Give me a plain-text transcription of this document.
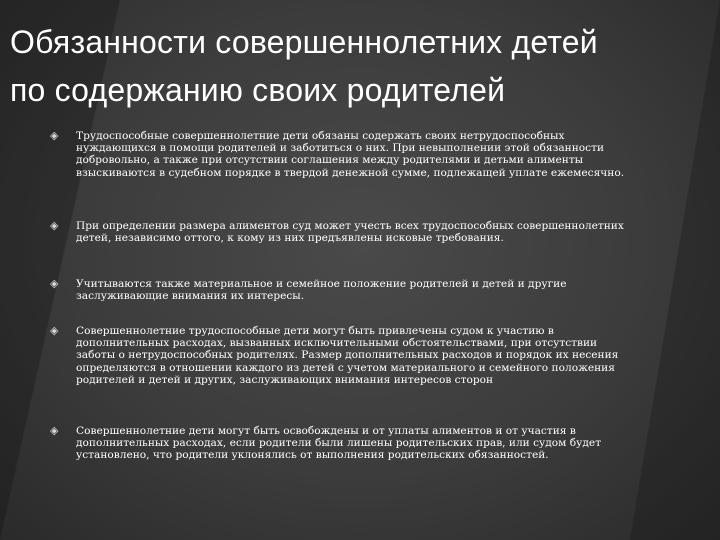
Обязанности совершеннолетних детей
по содержанию своих родителей
◈ Трудоспособные совершеннолетние дети обязаны содержать своих нетрудоспособных нуждающихся в помощи родителей и заботиться о них. При невыполнении этой обязанности добровольно, а также при отсутствии соглашения между родителями и детьми алименты взыскиваются в судебном порядке в твердой денежной сумме, подлежащей уплате ежемесячно.
◈ При определении размера алиментов суд может учесть всех трудоспособных совершеннолетних детей, независимо оттого, к кому из них предъявлены исковые требования.
◈ Учитываются также материальное и семейное положение родителей и детей и другие заслуживающие внимания их интересы.
◈ Совершеннолетние трудоспособные дети могут быть привлечены судом к участию в дополнительных расходах, вызванных исключительными обстоятельствами, при отсутствии заботы о нетрудоспособных родителях. Размер дополнительных расходов и порядок их несения определяются в отношении каждого из детей с учетом материального и семейного положения родителей и детей и других, заслуживающих внимания интересов сторон
◈ Совершеннолетние дети могут быть освобождены и от уплаты алиментов и от участия в дополнительных расходах, если родители были лишены родительских прав, или судом будет установлено, что родители уклонялись от выполнения родительских обязанностей.
